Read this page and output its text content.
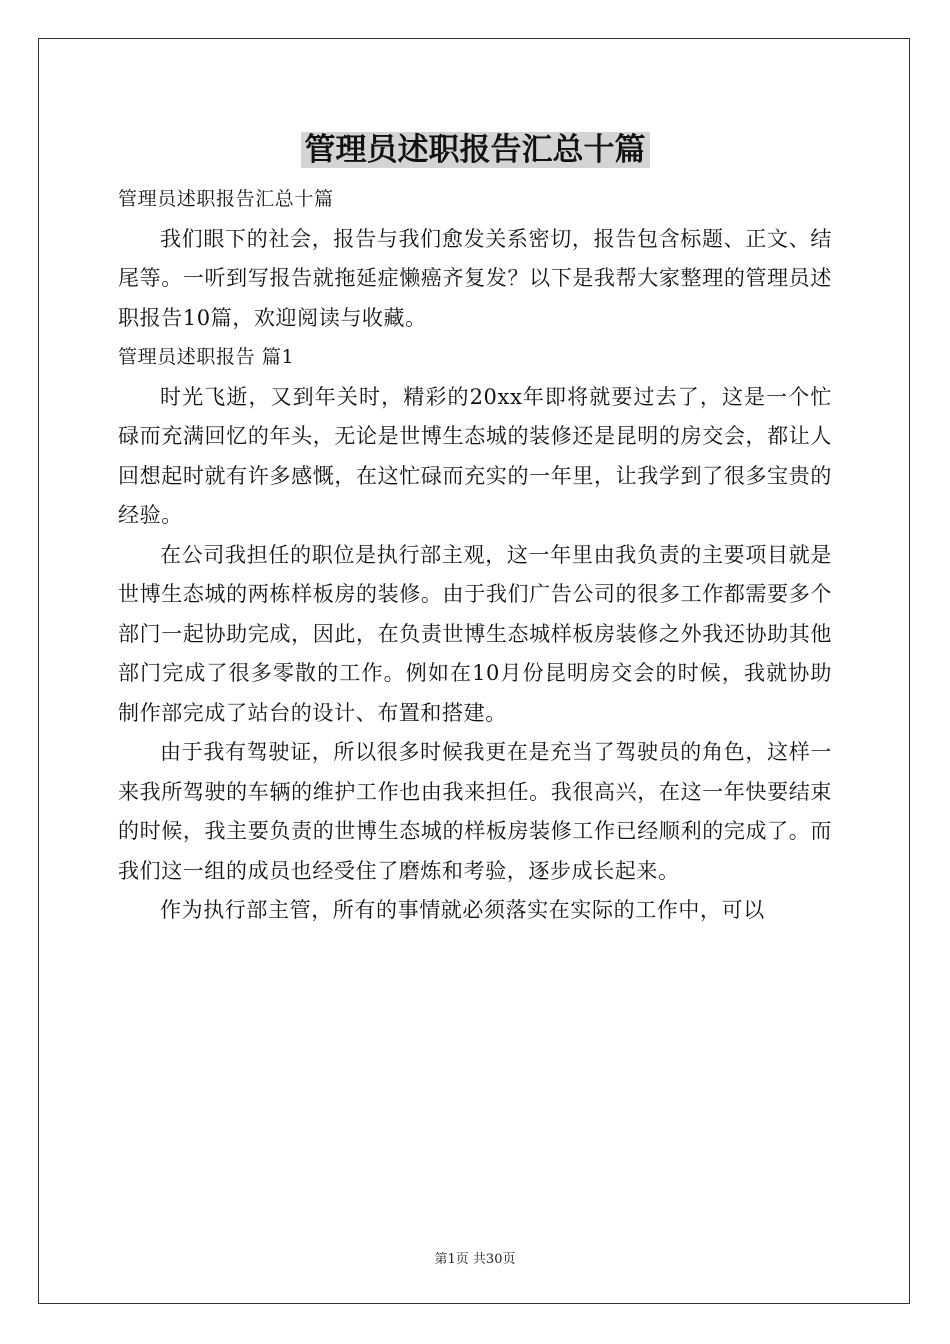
管理员述职报告汇总十篇

管理员述职报告汇总十篇

我们眼下的社会，报告与我们愈发关系密切，报告包含标题、正文、结尾等。一听到写报告就拖延症懒癌齐复发？以下是我帮大家整理的管理员述职报告10篇，欢迎阅读与收藏。

管理员述职报告 篇1

时光飞逝，又到年关时，精彩的20xx年即将就要过去了，这是一个忙碌而充满回忆的年头，无论是世博生态城的装修还是昆明的房交会，都让人回想起时就有许多感慨，在这忙碌而充实的一年里，让我学到了很多宝贵的经验。

在公司我担任的职位是执行部主观，这一年里由我负责的主要项目就是世博生态城的两栋样板房的装修。由于我们广告公司的很多工作都需要多个部门一起协助完成，因此，在负责世博生态城样板房装修之外我还协助其他部门完成了很多零散的工作。例如在10月份昆明房交会的时候，我就协助制作部完成了站台的设计、布置和搭建。

由于我有驾驶证，所以很多时候我更在是充当了驾驶员的角色，这样一来我所驾驶的车辆的维护工作也由我来担任。我很高兴，在这一年快要结束的时候，我主要负责的世博生态城的样板房装修工作已经顺利的完成了。而我们这一组的成员也经受住了磨炼和考验，逐步成长起来。

作为执行部主管，所有的事情就必须落实在实际的工作中，可以

第1页 共30页
